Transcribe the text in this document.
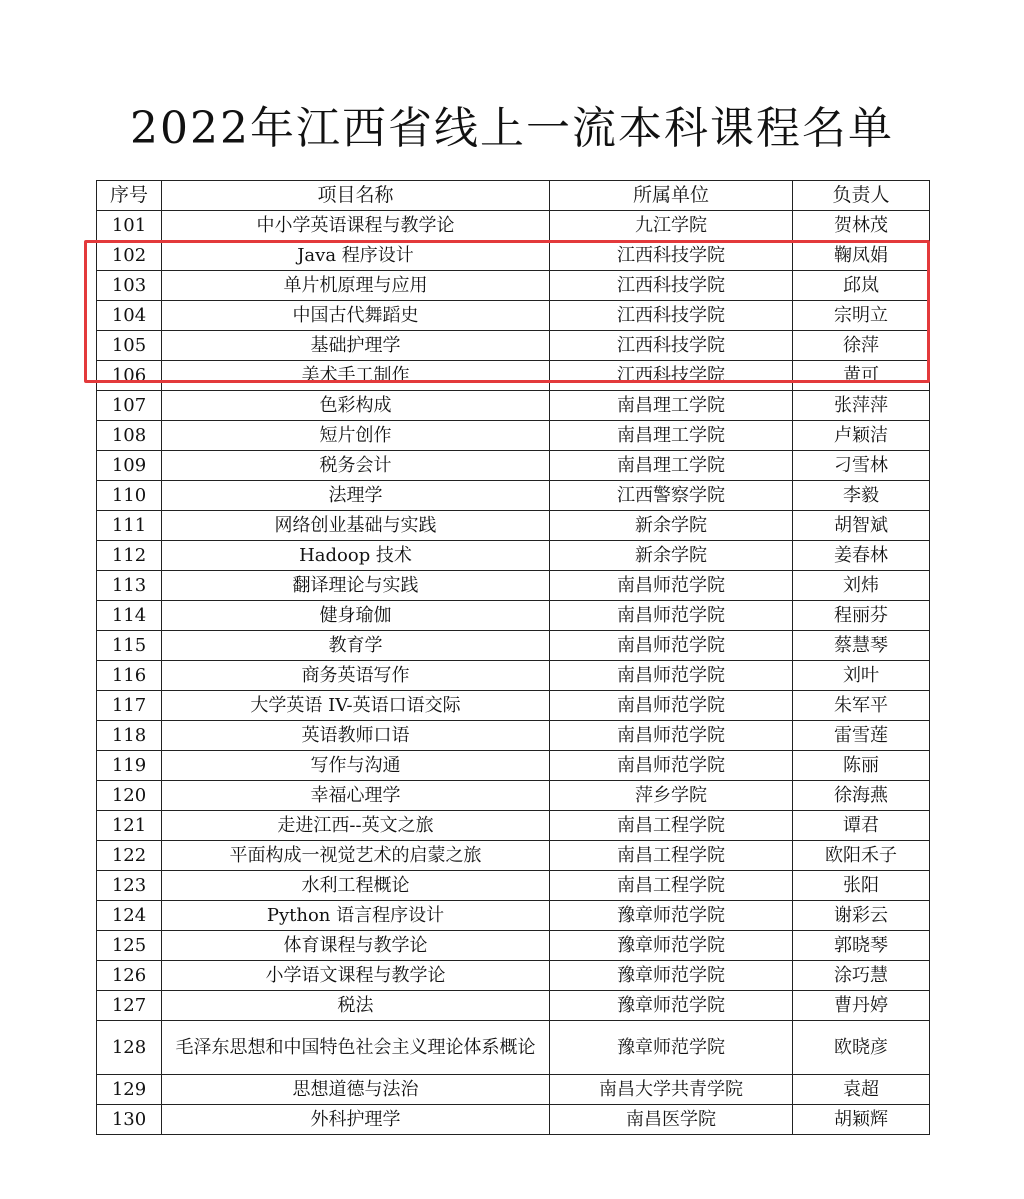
2022年江西省线上一流本科课程名单
序号	项目名称	所属单位	负责人
101	中小学英语课程与教学论	九江学院	贺林茂
102	Java 程序设计	江西科技学院	鞠凤娟
103	单片机原理与应用	江西科技学院	邱岚
104	中国古代舞蹈史	江西科技学院	宗明立
105	基础护理学	江西科技学院	徐萍
106	美术手工制作	江西科技学院	黄可
107	色彩构成	南昌理工学院	张萍萍
108	短片创作	南昌理工学院	卢颖洁
109	税务会计	南昌理工学院	刁雪林
110	法理学	江西警察学院	李毅
111	网络创业基础与实践	新余学院	胡智斌
112	Hadoop 技术	新余学院	姜春林
113	翻译理论与实践	南昌师范学院	刘炜
114	健身瑜伽	南昌师范学院	程丽芬
115	教育学	南昌师范学院	蔡慧琴
116	商务英语写作	南昌师范学院	刘叶
117	大学英语 IV-英语口语交际	南昌师范学院	朱军平
118	英语教师口语	南昌师范学院	雷雪莲
119	写作与沟通	南昌师范学院	陈丽
120	幸福心理学	萍乡学院	徐海燕
121	走进江西--英文之旅	南昌工程学院	谭君
122	平面构成一视觉艺术的启蒙之旅	南昌工程学院	欧阳禾子
123	水利工程概论	南昌工程学院	张阳
124	Python 语言程序设计	豫章师范学院	谢彩云
125	体育课程与教学论	豫章师范学院	郭晓琴
126	小学语文课程与教学论	豫章师范学院	涂巧慧
127	税法	豫章师范学院	曹丹婷
128	毛泽东思想和中国特色社会主义理论体系概论	豫章师范学院	欧晓彦
129	思想道德与法治	南昌大学共青学院	袁超
130	外科护理学	南昌医学院	胡颖辉
